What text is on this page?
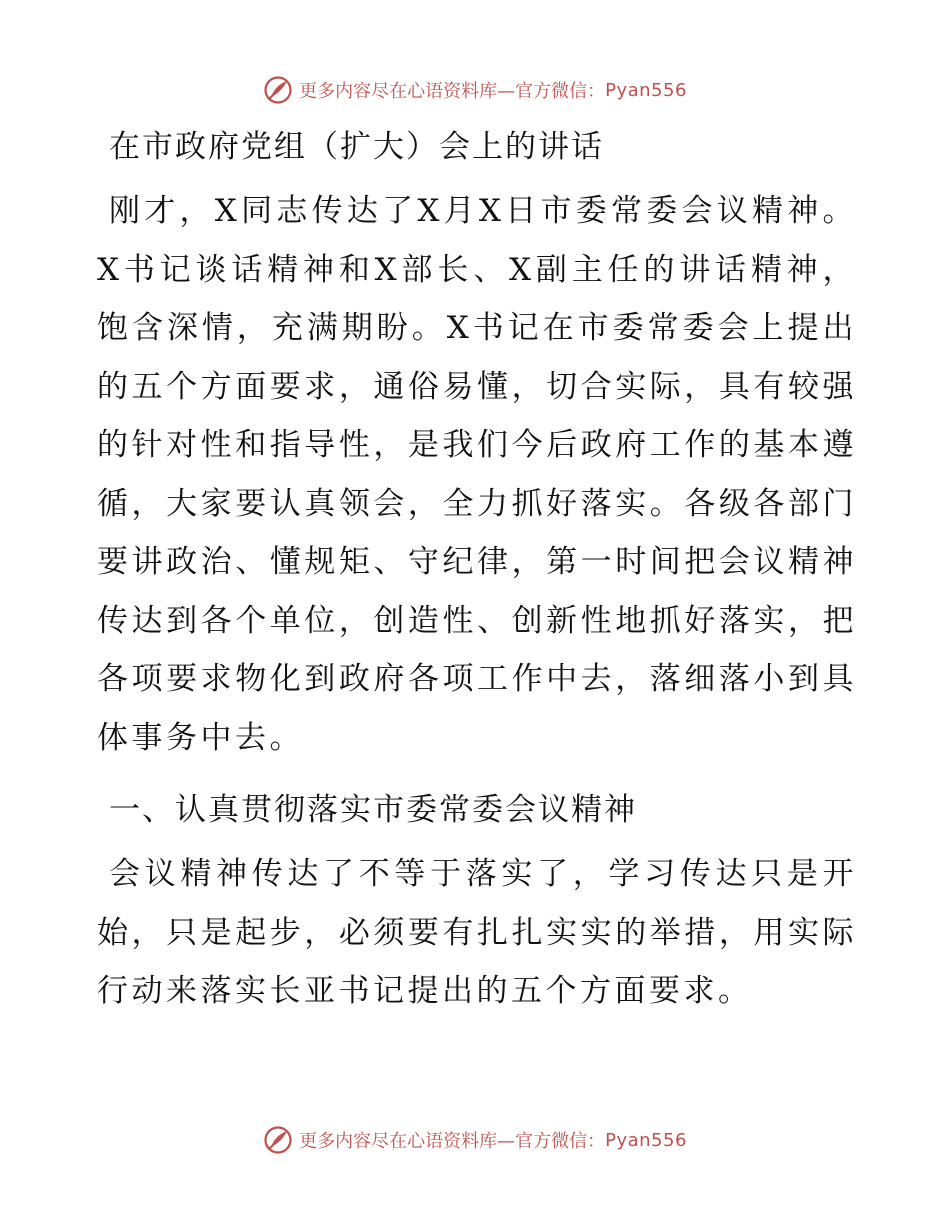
更多内容尽在心语资料库—官方微信： Pyan556
在市政府党组（扩大）会上的讲话

刚才，X同志传达了X月X日市委常委会议精神。X书记谈话精神和X部长、X副主任的讲话精神，饱含深情，充满期盼。X书记在市委常委会上提出的五个方面要求，通俗易懂，切合实际，具有较强的针对性和指导性，是我们今后政府工作的基本遵循，大家要认真领会，全力抓好落实。各级各部门要讲政治、懂规矩、守纪律，第一时间把会议精神传达到各个单位，创造性、创新性地抓好落实，把各项要求物化到政府各项工作中去，落细落小到具体事务中去。

一、认真贯彻落实市委常委会议精神

会议精神传达了不等于落实了，学习传达只是开始，只是起步，必须要有扎扎实实的举措，用实际行动来落实长亚书记提出的五个方面要求。

更多内容尽在心语资料库—官方微信： Pyan556
